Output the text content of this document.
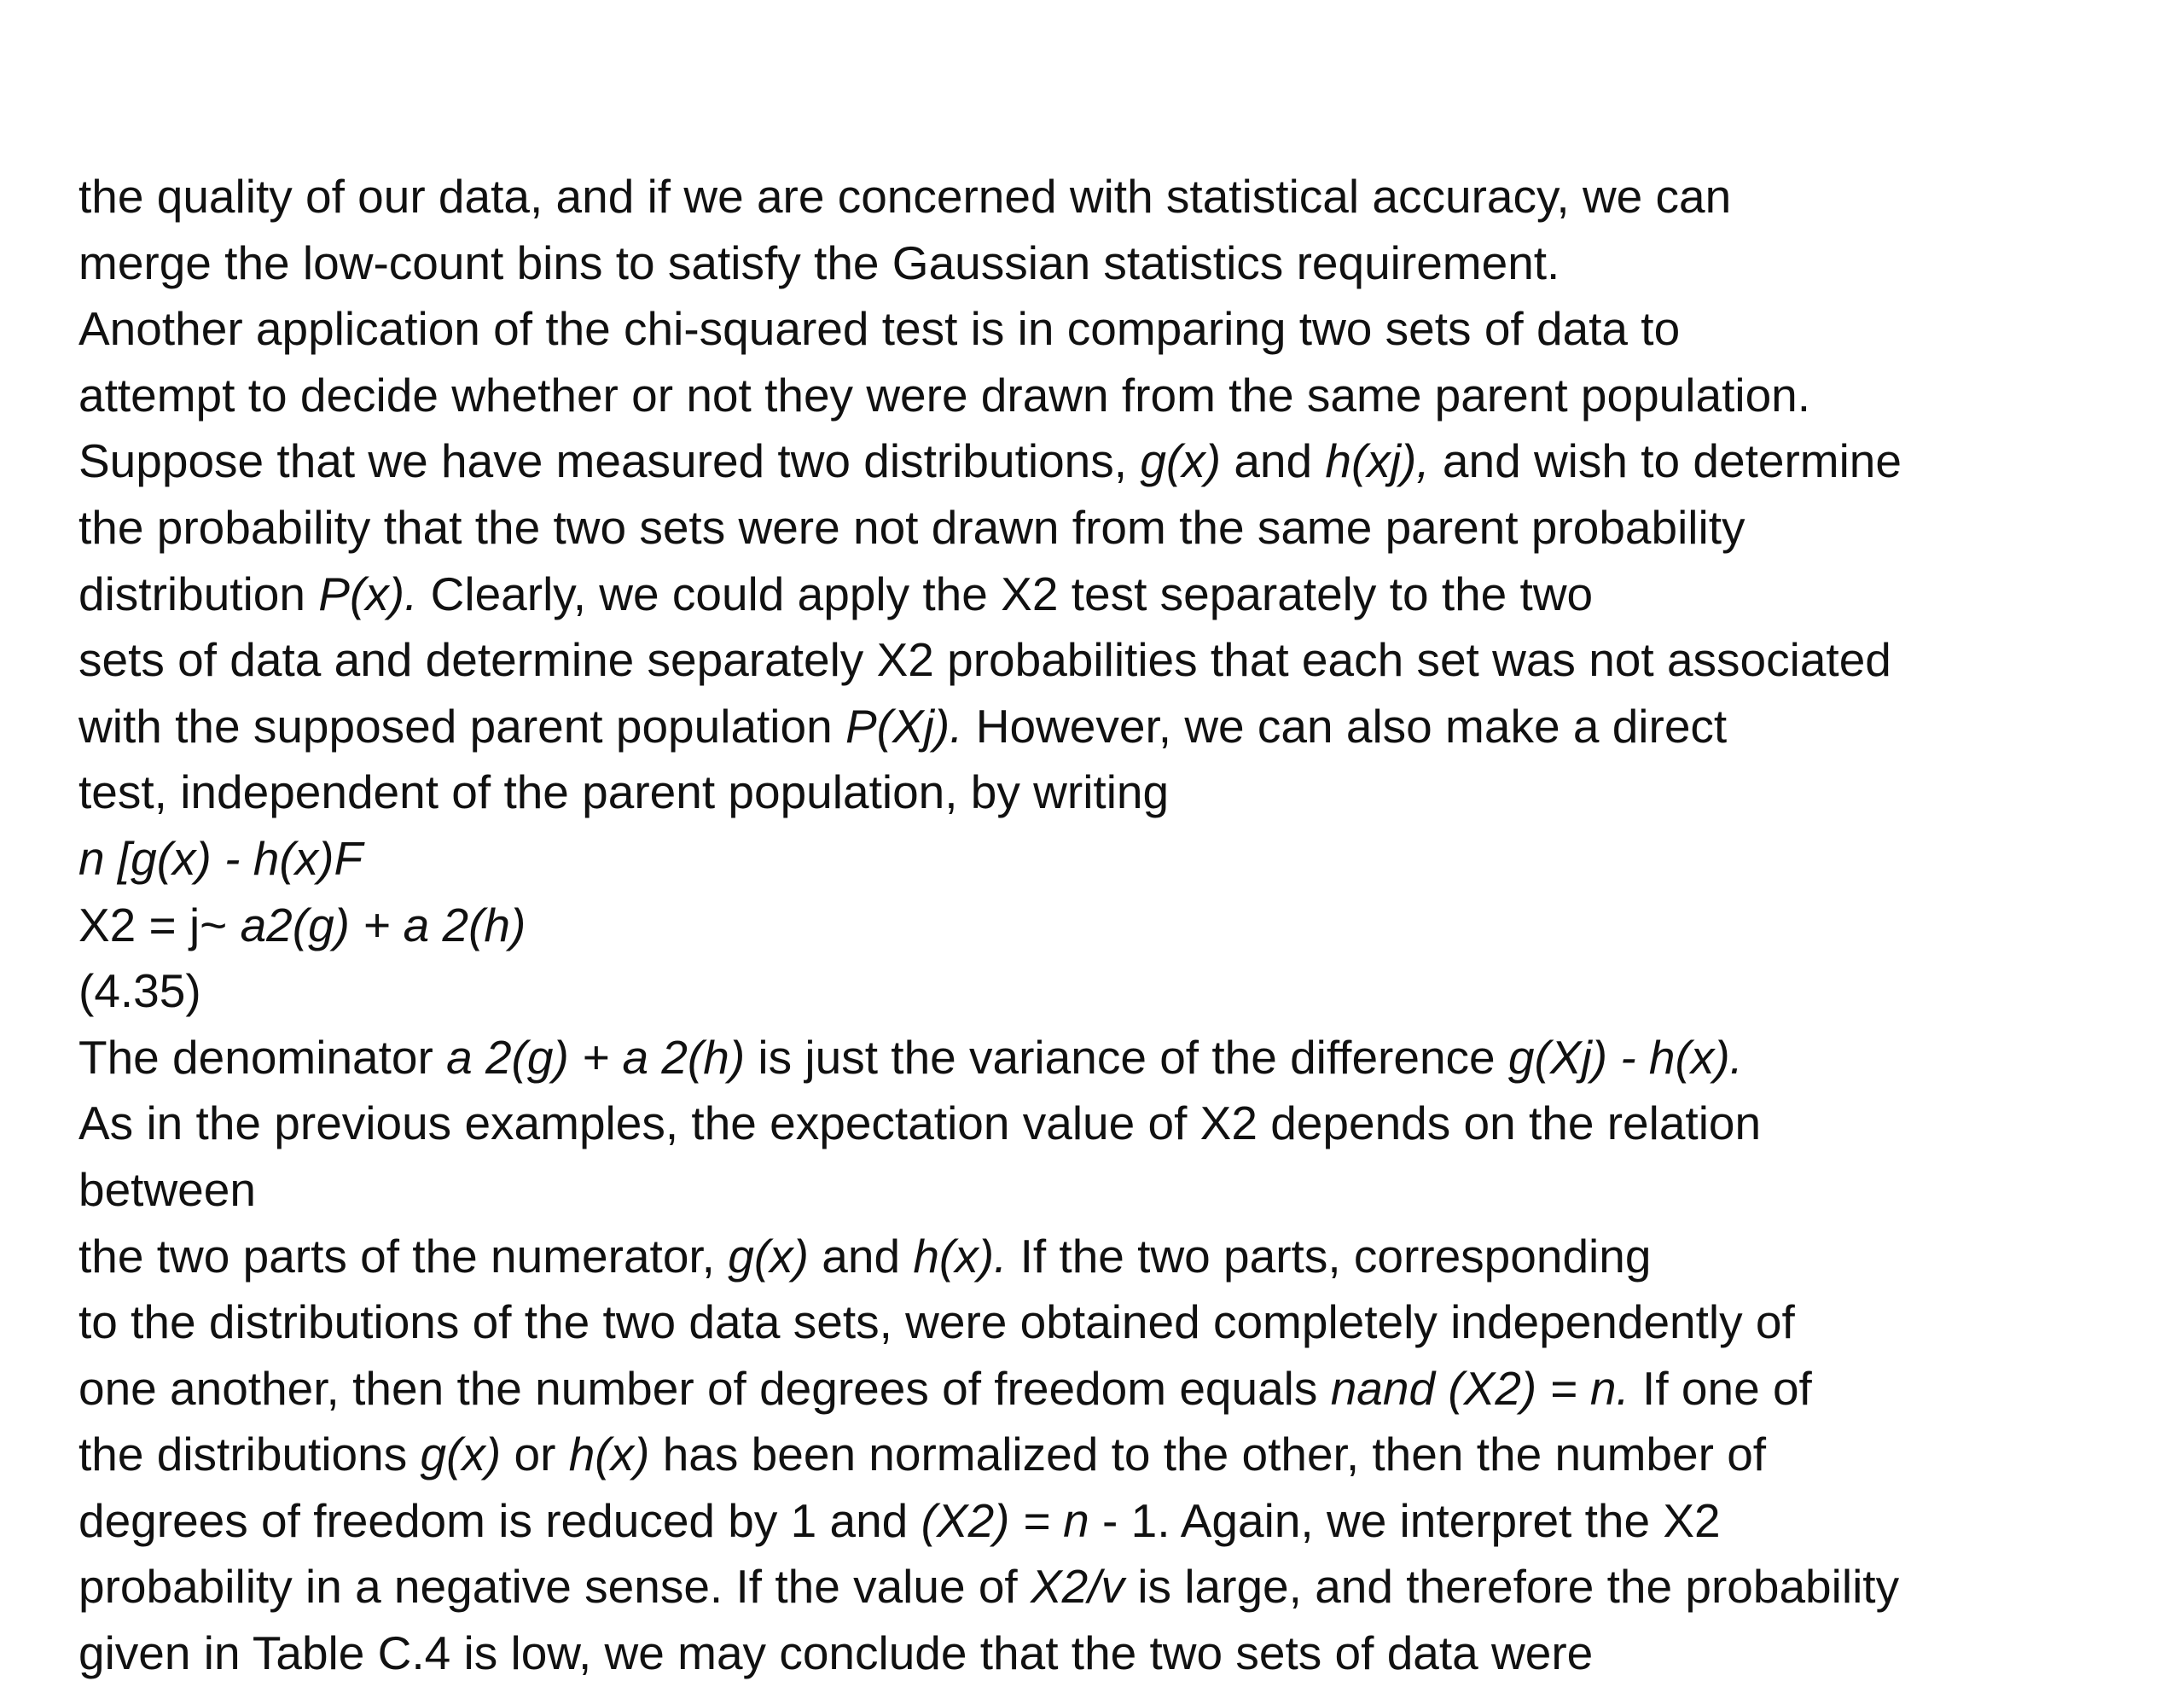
the quality of our data, and if we are concerned with statistical accuracy, we can
merge the low-count bins to satisfy the Gaussian statistics requirement.
Another application of the chi-squared test is in comparing two sets of data to
attempt to decide whether or not they were drawn from the same parent population.
Suppose that we have measured two distributions, g(x) and h(xj), and wish to determine
the probability that the two sets were not drawn from the same parent probability
distribution P(x). Clearly, we could apply the X2 test separately to the two
sets of data and determine separately X2 probabilities that each set was not associated
with the supposed parent population P(Xj). However, we can also make a direct
test, independent of the parent population, by writing
n [g(x) - h(x)F
X2 = j~ a2(g) + a 2(h)
(4.35)
The denominator a 2(g) + a 2(h) is just the variance of the difference g(Xj) - h(x).
As in the previous examples, the expectation value of X2 depends on the relation
between
the two parts of the numerator, g(x) and h(x). If the two parts, corresponding
to the distributions of the two data sets, were obtained completely independently of
one another, then the number of degrees of freedom equals nand (X2) = n. If one of
the distributions g(x) or h(x) has been normalized to the other, then the number of
degrees of freedom is reduced by 1 and (X2) = n - 1. Again, we interpret the X2
probability in a negative sense. If the value of X2/v is large, and therefore the probability
given in Table C.4 is low, we may conclude that the two sets of data were
